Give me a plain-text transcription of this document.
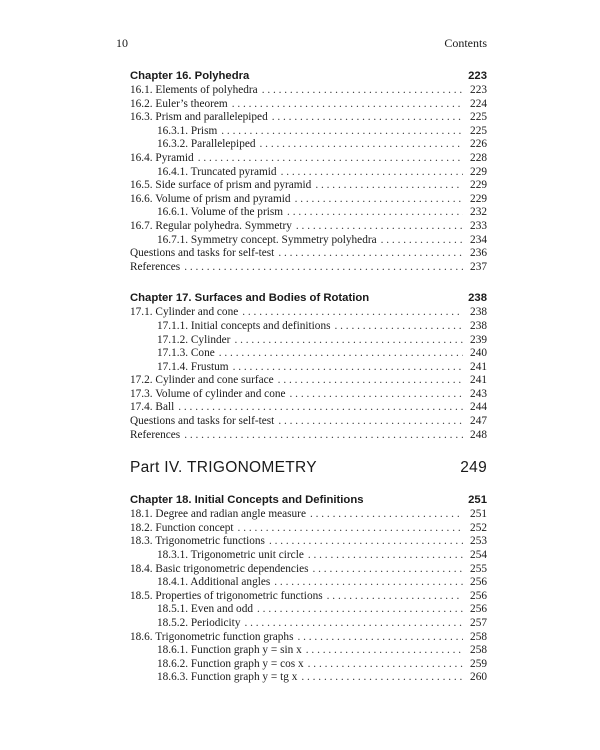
10	Contents
Chapter 16. Polyhedra	223
16.1. Elements of polyhedra . . .	223
16.2. Euler’s theorem . . .	224
16.3. Prism and parallelepiped . . .	225
16.3.1. Prism . . .	225
16.3.2. Parallelepiped . . .	226
16.4. Pyramid . . .	228
16.4.1. Truncated pyramid . . .	229
16.5. Side surface of prism and pyramid . . .	229
16.6. Volume of prism and pyramid . . .	229
16.6.1. Volume of the prism . . .	232
16.7. Regular polyhedra. Symmetry . . .	233
16.7.1. Symmetry concept. Symmetry polyhedra . . .	234
Questions and tasks for self-test . . .	236
References . . .	237
Chapter 17. Surfaces and Bodies of Rotation	238
17.1. Cylinder and cone . . .	238
17.1.1. Initial concepts and definitions . . .	238
17.1.2. Cylinder . . .	239
17.1.3. Cone . . .	240
17.1.4. Frustum . . .	241
17.2. Cylinder and cone surface . . .	241
17.3. Volume of cylinder and cone . . .	243
17.4. Ball . . .	244
Questions and tasks for self-test . . .	247
References . . .	248
Part IV. TRIGONOMETRY	249
Chapter 18. Initial Concepts and Definitions	251
18.1. Degree and radian angle measure . . .	251
18.2. Function concept . . .	252
18.3. Trigonometric functions . . .	253
18.3.1. Trigonometric unit circle . . .	254
18.4. Basic trigonometric dependencies . . .	255
18.4.1. Additional angles . . .	256
18.5. Properties of trigonometric functions . . .	256
18.5.1. Even and odd . . .	256
18.5.2. Periodicity . . .	257
18.6. Trigonometric function graphs . . .	258
18.6.1. Function graph y = sin x . . .	258
18.6.2. Function graph y = cos x . . .	259
18.6.3. Function graph y = tg x . . .	260
